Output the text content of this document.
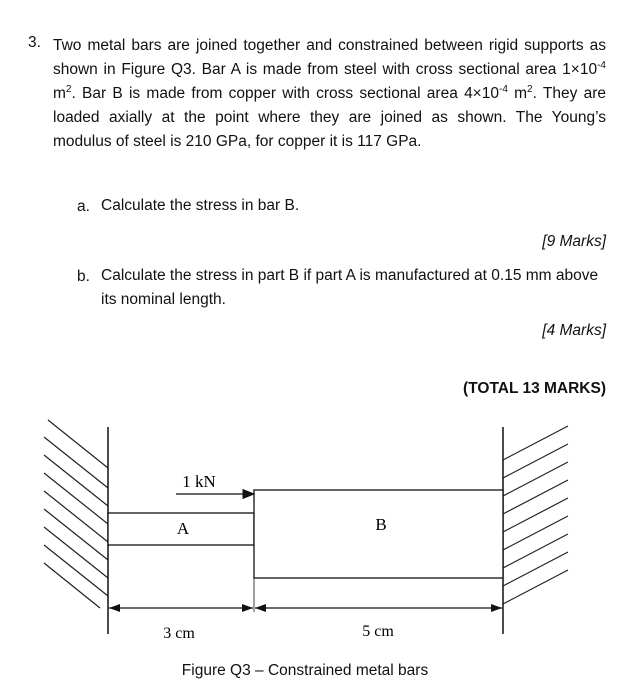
3. Two metal bars are joined together and constrained between rigid supports as shown in Figure Q3. Bar A is made from steel with cross sectional area $1\times 10^{-4}$ $m^2$. Bar B is made from copper with cross sectional area $4\times 10^{-4}$ $m^2$. They are loaded axially at the point where they are joined as shown. The Young’s modulus of steel is 210 GPa, for copper it is 117 GPa.

a. Calculate the stress in bar B.
[9 Marks]
b. Calculate the stress in part B if part A is manufactured at 0.15 mm above its nominal length.
[4 Marks]
(TOTAL 13 MARKS)
A	B
1 kN
3 cm	5 cm
Figure Q3 – Constrained metal bars
